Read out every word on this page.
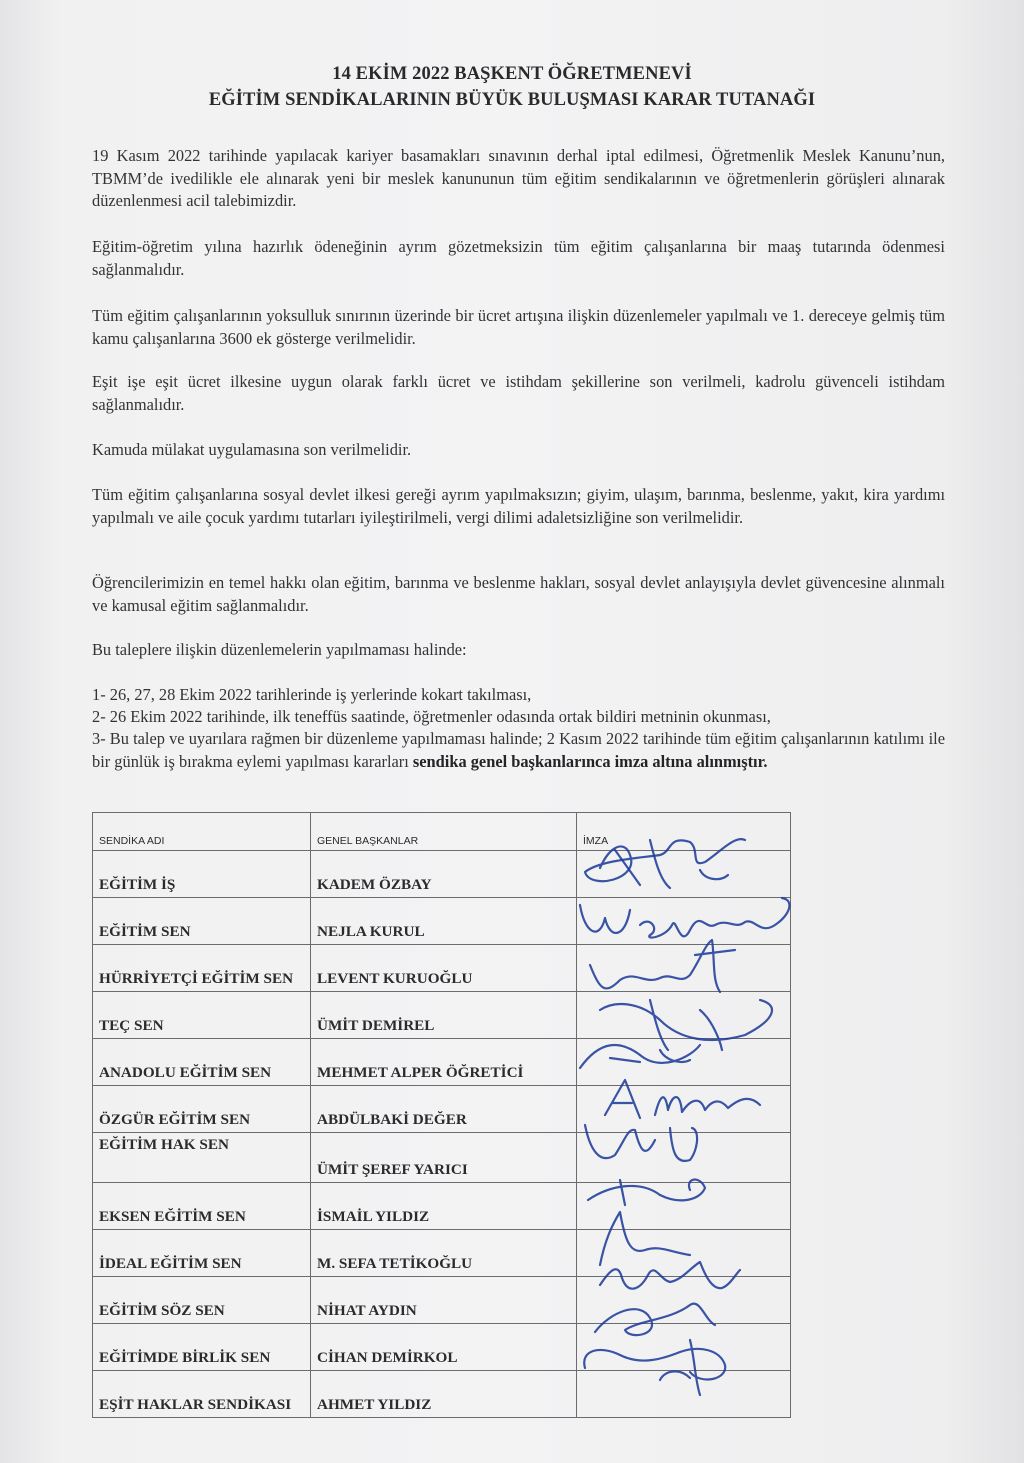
14 EKİM 2022 BAŞKENT ÖĞRETMENEVİ
EĞİTİM SENDİKALARININ BÜYÜK BULUŞMASI KARAR TUTANAĞI
19 Kasım 2022 tarihinde yapılacak kariyer basamakları sınavının derhal iptal edilmesi, Öğretmenlik Meslek Kanunu’nun, TBMM’de ivedilikle ele alınarak yeni bir meslek kanununun tüm eğitim sendikalarının ve öğretmenlerin görüşleri alınarak düzenlenmesi acil talebimizdir.
Eğitim-öğretim yılına hazırlık ödeneğinin ayrım gözetmeksizin tüm eğitim çalışanlarına bir maaş tutarında ödenmesi sağlanmalıdır.
Tüm eğitim çalışanlarının yoksulluk sınırının üzerinde bir ücret artışına ilişkin düzenlemeler yapılmalı ve 1. dereceye gelmiş tüm kamu çalışanlarına 3600 ek gösterge verilmelidir.
Eşit işe eşit ücret ilkesine uygun olarak farklı ücret ve istihdam şekillerine son verilmeli, kadrolu güvenceli istihdam sağlanmalıdır.
Kamuda mülakat uygulamasına son verilmelidir.
Tüm eğitim çalışanlarına sosyal devlet ilkesi gereği ayrım yapılmaksızın; giyim, ulaşım, barınma, beslenme, yakıt, kira yardımı yapılmalı ve aile çocuk yardımı tutarları iyileştirilmeli, vergi dilimi adaletsizliğine son verilmelidir.
Öğrencilerimizin en temel hakkı olan eğitim, barınma ve beslenme hakları, sosyal devlet anlayışıyla devlet güvencesine alınmalı ve kamusal eğitim sağlanmalıdır.
Bu taleplere ilişkin düzenlemelerin yapılmaması halinde:
1- 26, 27, 28 Ekim 2022 tarihlerinde iş yerlerinde kokart takılması,
2- 26 Ekim 2022 tarihinde, ilk teneffüs saatinde, öğretmenler odasında ortak bildiri metninin okunması,
3- Bu talep ve uyarılara rağmen bir düzenleme yapılmaması halinde; 2 Kasım 2022 tarihinde tüm eğitim çalışanlarının katılımı ile bir günlük iş bırakma eylemi yapılması kararları sendika genel başkanlarınca imza altına alınmıştır.
SENDİKA ADI	GENEL BAŞKANLAR	İMZA
EĞİTİM İŞ	KADEM ÖZBAY	
EĞİTİM SEN	NEJLA KURUL	

HÜRRİYETÇİ EĞİTİM SEN	LEVENT KURUOĞLU	
TEÇ SEN	ÜMİT DEMİREL	
ANADOLU EĞİTİM SEN	MEHMET ALPER ÖĞRETİCİ	
ÖZGÜR EĞİTİM SEN	ABDÜLBAKİ DEĞER	
EĞİTİM HAK SEN	ÜMİT ŞEREF YARICI	
EKSEN EĞİTİM SEN	İSMAİL YILDIZ	
İDEAL EĞİTİM SEN	M. SEFA TETİKOĞLU	
EĞİTİM SÖZ SEN	NİHAT AYDIN	
EĞİTİMDE BİRLİK SEN	CİHAN DEMİRKOL	

EŞİT HAKLAR SENDİKASI	AHMET YILDIZ	
